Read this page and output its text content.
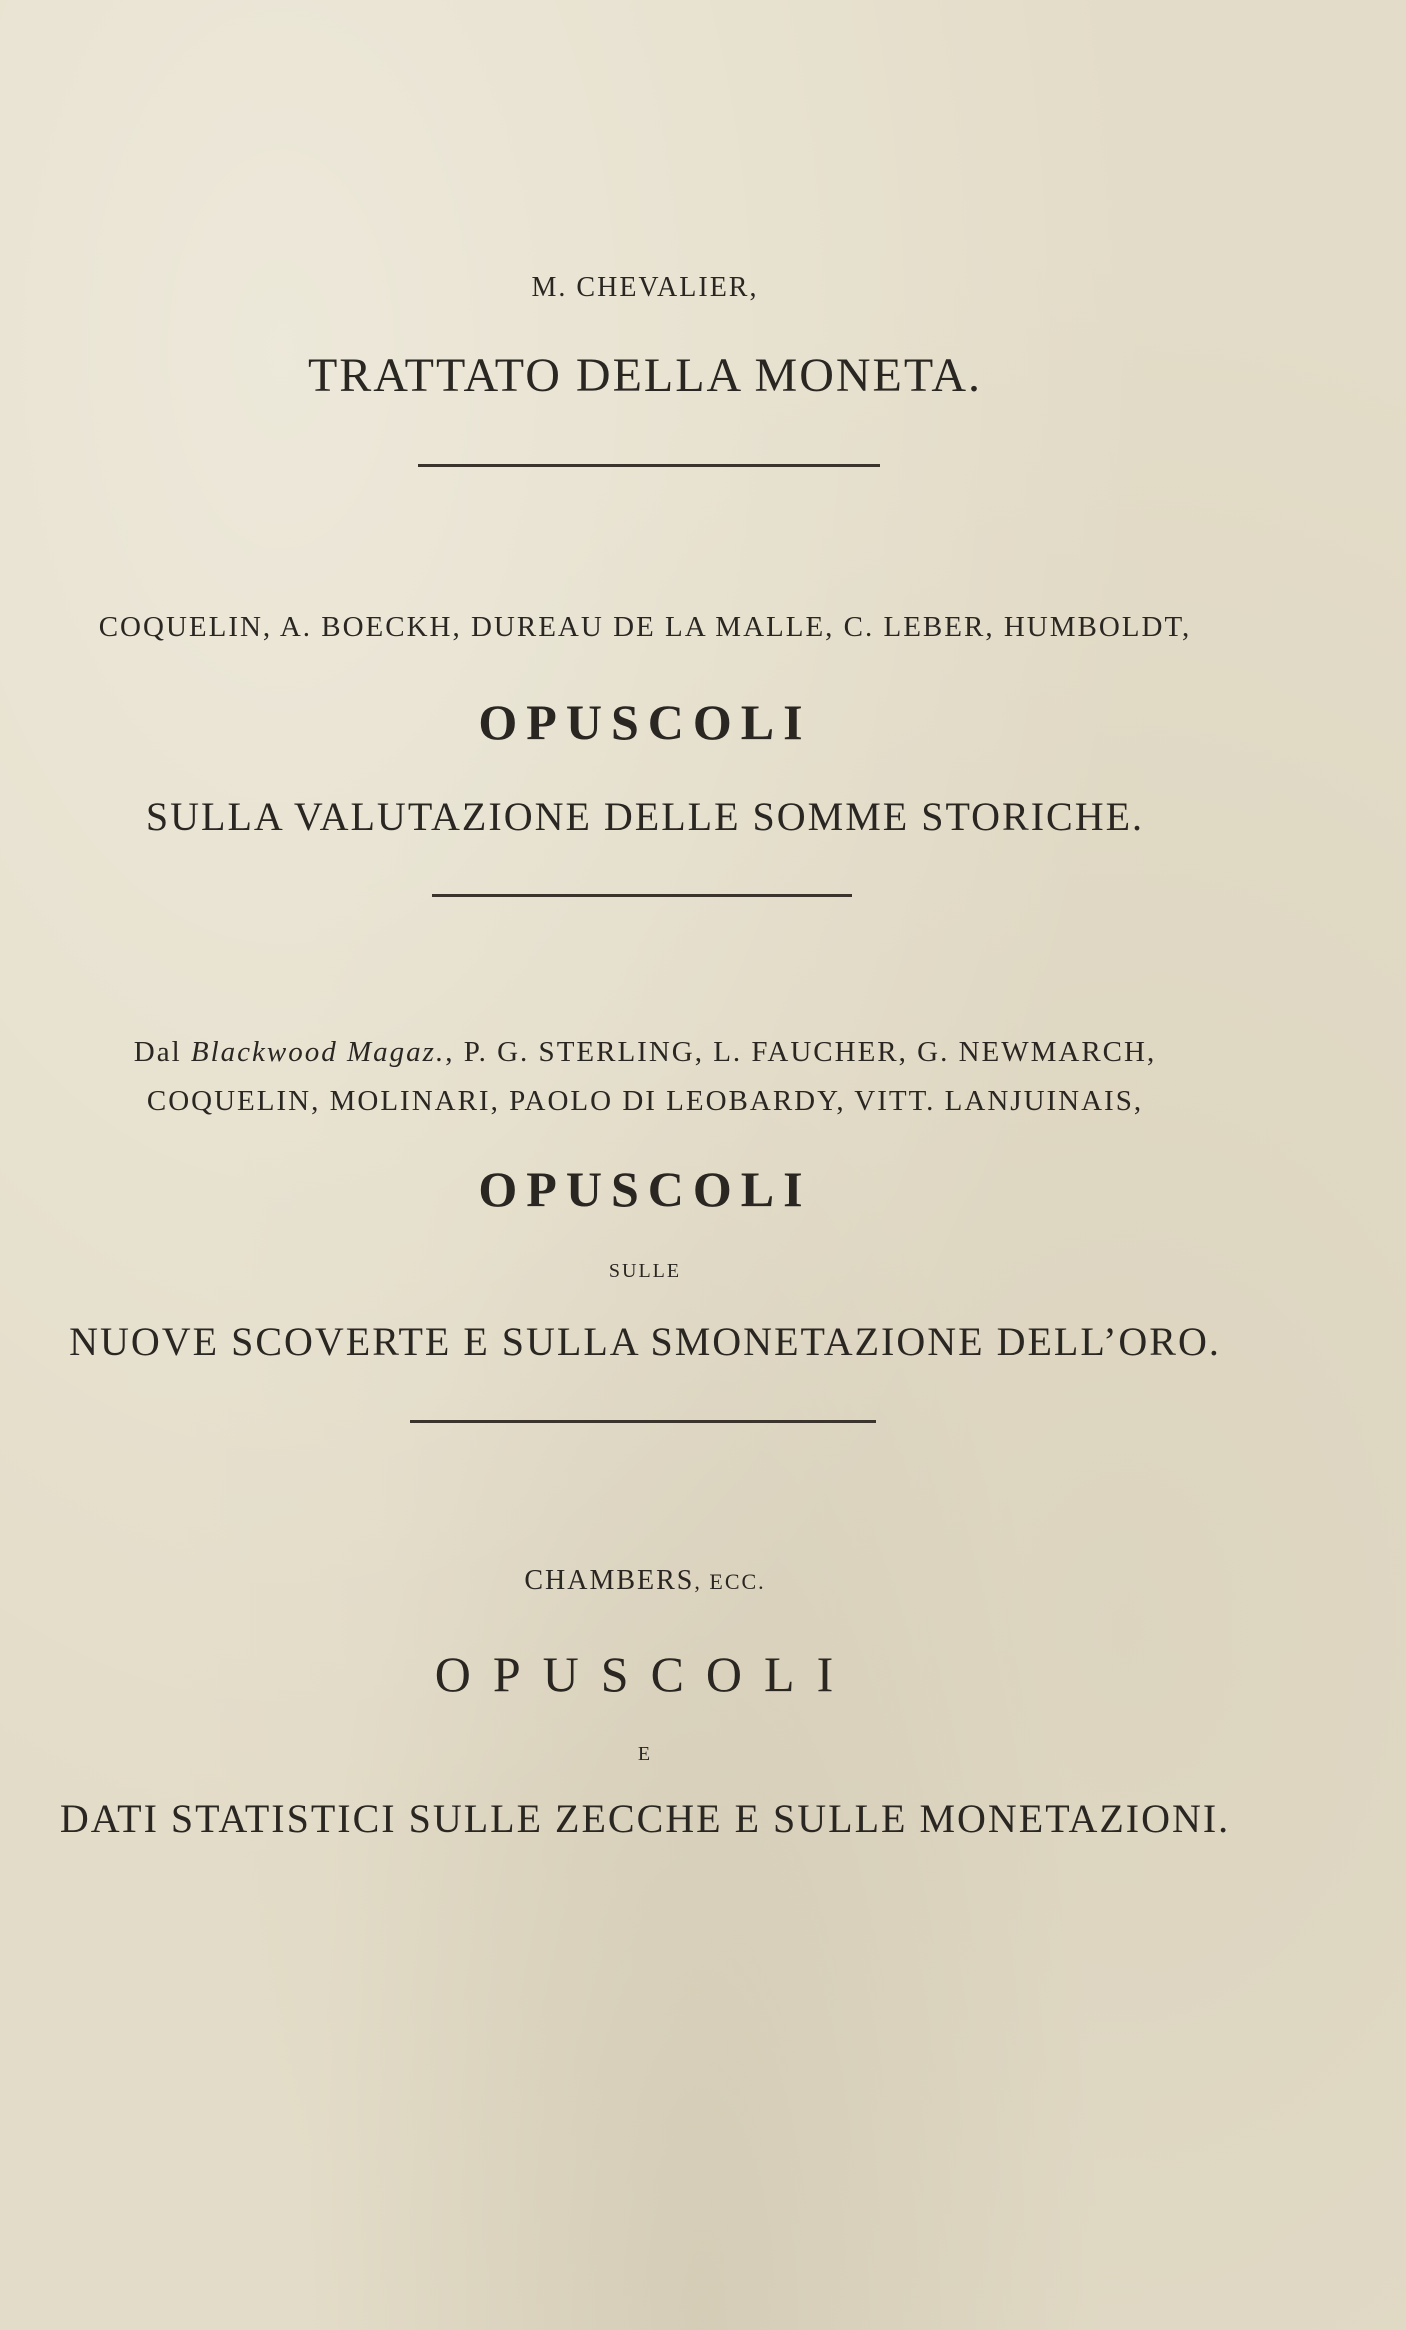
M. CHEVALIER,
TRATTATO DELLA MONETA.
COQUELIN, A. BOECKH, DUREAU DE LA MALLE, C. LEBER, HUMBOLDT,
OPUSCOLI
SULLA VALUTAZIONE DELLE SOMME STORICHE.
Dal Blackwood Magaz., P. G. STERLING, L. FAUCHER, G. NEWMARCH,
COQUELIN, MOLINARI, PAOLO DI LEOBARDY, VITT. LANJUINAIS,
OPUSCOLI
SULLE
NUOVE SCOVERTE E SULLA SMONETAZIONE DELL’ORO.
CHAMBERS, ECC.
OPUSCOLI
E
DATI STATISTICI SULLE ZECCHE E SULLE MONETAZIONI.
